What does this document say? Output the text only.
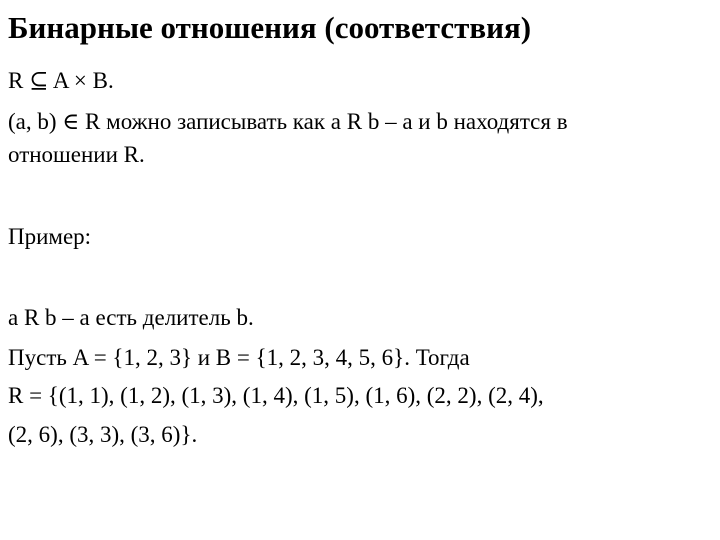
Бинарные отношения (соответствия)
R ⊆ A × B.
(a, b) ∈ R можно записывать как a R b – a и b находятся в
отношении R.
Пример:
a R b – a есть делитель b.
Пусть A = {1, 2, 3} и B = {1, 2, 3, 4, 5, 6}. Тогда
R = {(1, 1), (1, 2), (1, 3), (1, 4), (1, 5), (1, 6), (2, 2), (2, 4),
(2, 6), (3, 3), (3, 6)}.
